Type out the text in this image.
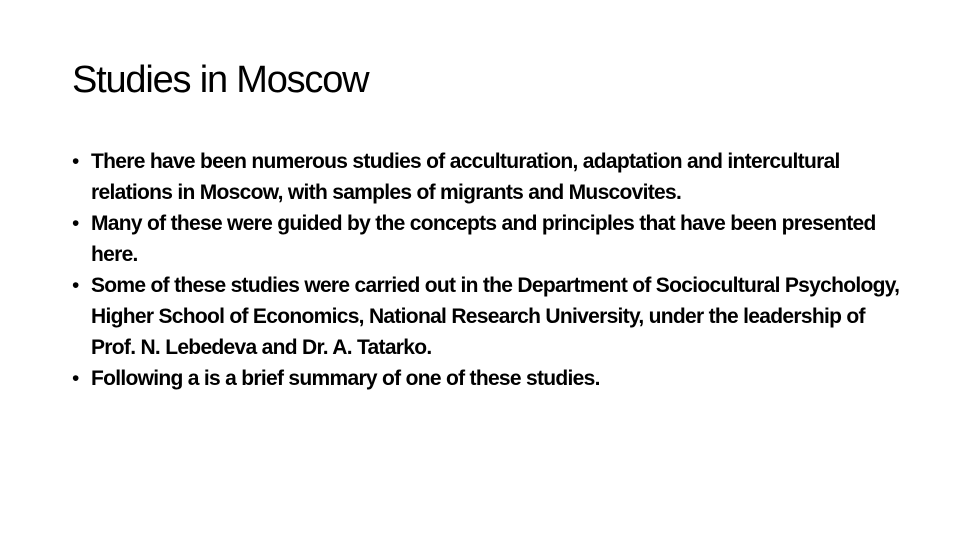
Studies in Moscow
• There have been numerous studies of acculturation, adaptation and intercultural relations in Moscow, with samples of migrants and Muscovites.
• Many of these were guided by the concepts and principles that have been presented here.
• Some of these studies were carried out in the Department of Sociocultural Psychology, Higher School of Economics, National Research University, under the leadership of Prof. N. Lebedeva and Dr. A. Tatarko.
• Following a is a brief summary of one of these studies.
